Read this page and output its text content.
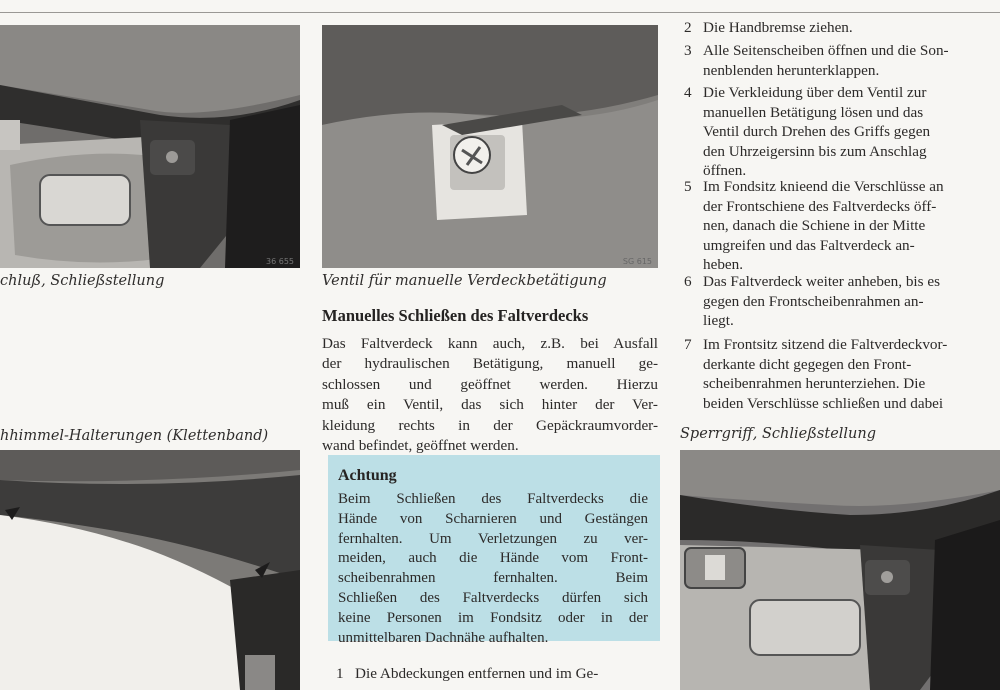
36 655	SG 615
chluß, Schließstellung	Ventil für manuelle Verdeckbetätigung
hhimmel-Halterungen (Klettenband)	Sperrgriff, Schließstellung
Manuelles Schließen des Faltverdecks
Das Faltverdeck kann auch, z.B. bei Ausfall
der hydraulischen Betätigung, manuell ge-
schlossen und geöffnet werden. Hierzu
muß ein Ventil, das sich hinter der Ver-
kleidung rechts in der Gepäckraumvorder-
wand befindet, geöffnet werden.
Achtung
Beim Schließen des Faltverdecks die
Hände von Scharnieren und Gestängen
fernhalten. Um Verletzungen zu ver-
meiden, auch die Hände vom Front-
scheibenrahmen fernhalten. Beim
Schließen des Faltverdecks dürfen sich
keine Personen im Fondsitz oder in der
unmittelbaren Dachnähe aufhalten.
2 Die Handbremse ziehen.
3 Alle Seitenscheiben öffnen und die Son-
nenblenden herunterklappen.
4 Die Verkleidung über dem Ventil zur
manuellen Betätigung lösen und das
Ventil durch Drehen des Griffs gegen
den Uhrzeigersinn bis zum Anschlag
öffnen.
5 Im Fondsitz knieend die Verschlüsse an
der Frontschiene des Faltverdecks öff-
nen, danach die Schiene in der Mitte
umgreifen und das Faltverdeck an-
heben.
6 Das Faltverdeck weiter anheben, bis es
gegen den Frontscheibenrahmen an-
liegt.
7 Im Frontsitz sitzend die Faltverdeckvor-
derkante dicht gegegen den Front-
scheibenrahmen herunterziehen. Die
beiden Verschlüsse schließen und dabei
1 Die Abdeckungen entfernen und im Ge-
